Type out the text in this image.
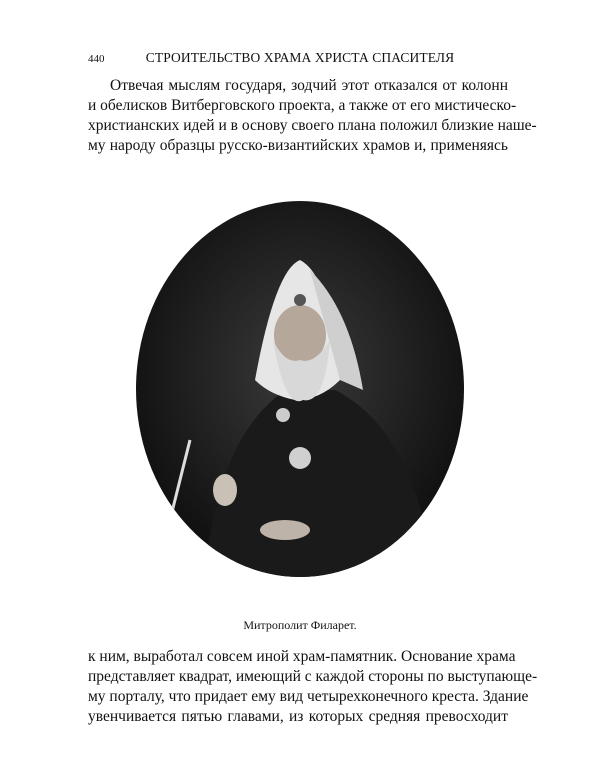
440	СТРОИТЕЛЬСТВО ХРАМА ХРИСТА СПАСИТЕЛЯ
Отвечая мыслям государя, зодчий этот отказался от колонн
и обелисков Витберговского проекта, а также от его мистическо-
христианских идей и в основу своего плана положил близкие наше-
му народу образцы русско-византийских храмов и, применяясь
Митрополит Филарет.
к ним, выработал совсем иной храм-памятник. Основание храма
представляет квадрат, имеющий с каждой стороны по выступающе-
му порталу, что придает ему вид четырехконечного креста. Здание
увенчивается пятью главами, из которых средняя превосходит
